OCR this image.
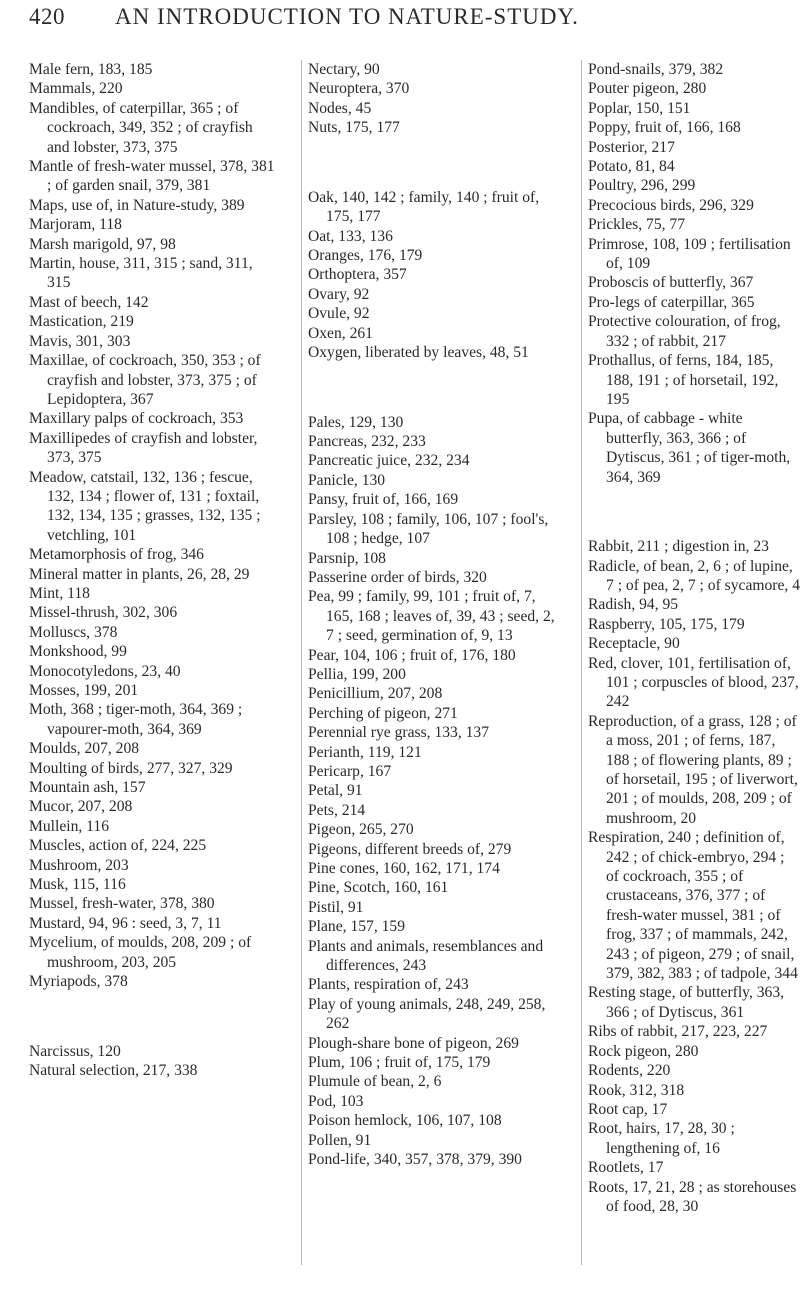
420 AN INTRODUCTION TO NATURE-STUDY.

Male fern, 183, 185

Mammals, 220

Mandibles, of caterpillar, 365 ; of cockroach, 349, 352 ; of crayfish and lobster, 373, 375

Mantle of fresh-water mussel, 378, 381 ; of garden snail, 379, 381

Maps, use of, in Nature-study, 389

Marjoram, 118

Marsh marigold, 97, 98

Martin, house, 311, 315 ; sand, 311, 315

Mast of beech, 142

Mastication, 219

Mavis, 301, 303

Maxillae, of cockroach, 350, 353 ; of crayfish and lobster, 373, 375 ; of Lepidoptera, 367

Maxillary palps of cockroach, 353

Maxillipedes of crayfish and lobster, 373, 375

Meadow, catstail, 132, 136 ; fescue, 132, 134 ; flower of, 131 ; foxtail, 132, 134, 135 ; grasses, 132, 135 ; vetchling, 101

Metamorphosis of frog, 346

Mineral matter in plants, 26, 28, 29

Mint, 118

Missel-thrush, 302, 306

Molluscs, 378

Monkshood, 99

Monocotyledons, 23, 40

Mosses, 199, 201

Moth, 368 ; tiger-moth, 364, 369 ; vapourer-moth, 364, 369

Moulds, 207, 208

Moulting of birds, 277, 327, 329

Mountain ash, 157

Mucor, 207, 208

Mullein, 116

Muscles, action of, 224, 225

Mushroom, 203

Musk, 115, 116

Mussel, fresh-water, 378, 380

Mustard, 94, 96 : seed, 3, 7, 11

Mycelium, of moulds, 208, 209 ; of mushroom, 203, 205

Myriapods, 378

Narcissus, 120

Natural selection, 217, 338

Nectary, 90

Neuroptera, 370

Nodes, 45

Nuts, 175, 177

Oak, 140, 142 ; family, 140 ; fruit of, 175, 177

Oat, 133, 136

Oranges, 176, 179

Orthoptera, 357

Ovary, 92

Ovule, 92

Oxen, 261

Oxygen, liberated by leaves, 48, 51

Pales, 129, 130

Pancreas, 232, 233

Pancreatic juice, 232, 234

Panicle, 130

Pansy, fruit of, 166, 169

Parsley, 108 ; family, 106, 107 ; fool's, 108 ; hedge, 107

Parsnip, 108

Passerine order of birds, 320

Pea, 99 ; family, 99, 101 ; fruit of, 7, 165, 168 ; leaves of, 39, 43 ; seed, 2, 7 ; seed, germination of, 9, 13

Pear, 104, 106 ; fruit of, 176, 180

Pellia, 199, 200

Penicillium, 207, 208

Perching of pigeon, 271

Perennial rye grass, 133, 137

Perianth, 119, 121

Pericarp, 167

Petal, 91

Pets, 214

Pigeon, 265, 270

Pigeons, different breeds of, 279

Pine cones, 160, 162, 171, 174

Pine, Scotch, 160, 161

Pistil, 91

Plane, 157, 159

Plants and animals, resemblances and differences, 243

Plants, respiration of, 243

Play of young animals, 248, 249, 258, 262

Plough-share bone of pigeon, 269

Plum, 106 ; fruit of, 175, 179

Plumule of bean, 2, 6

Pod, 103

Poison hemlock, 106, 107, 108

Pollen, 91

Pond-life, 340, 357, 378, 379, 390

Pond-snails, 379, 382

Pouter pigeon, 280

Poplar, 150, 151

Poppy, fruit of, 166, 168

Posterior, 217

Potato, 81, 84

Poultry, 296, 299

Precocious birds, 296, 329

Prickles, 75, 77

Primrose, 108, 109 ; fertilisation of, 109

Proboscis of butterfly, 367

Pro-legs of caterpillar, 365

Protective colouration, of frog, 332 ; of rabbit, 217

Prothallus, of ferns, 184, 185, 188, 191 ; of horsetail, 192, 195

Pupa, of cabbage - white butterfly, 363, 366 ; of Dytiscus, 361 ; of tiger-moth, 364, 369

Rabbit, 211 ; digestion in, 23

Radicle, of bean, 2, 6 ; of lupine, 7 ; of pea, 2, 7 ; of sycamore, 4

Radish, 94, 95

Raspberry, 105, 175, 179

Receptacle, 90

Red, clover, 101, fertilisation of, 101 ; corpuscles of blood, 237, 242

Reproduction, of a grass, 128 ; of a moss, 201 ; of ferns, 187, 188 ; of flowering plants, 89 ; of horsetail, 195 ; of liverwort, 201 ; of moulds, 208, 209 ; of mushroom, 20

Respiration, 240 ; definition of, 242 ; of chick-embryo, 294 ; of cockroach, 355 ; of crustaceans, 376, 377 ; of fresh-water mussel, 381 ; of frog, 337 ; of mammals, 242, 243 ; of pigeon, 279 ; of snail, 379, 382, 383 ; of tadpole, 344

Resting stage, of butterfly, 363, 366 ; of Dytiscus, 361

Ribs of rabbit, 217, 223, 227

Rock pigeon, 280

Rodents, 220

Rook, 312, 318

Root cap, 17

Root, hairs, 17, 28, 30 ; lengthening of, 16

Rootlets, 17

Roots, 17, 21, 28 ; as storehouses of food, 28, 30
